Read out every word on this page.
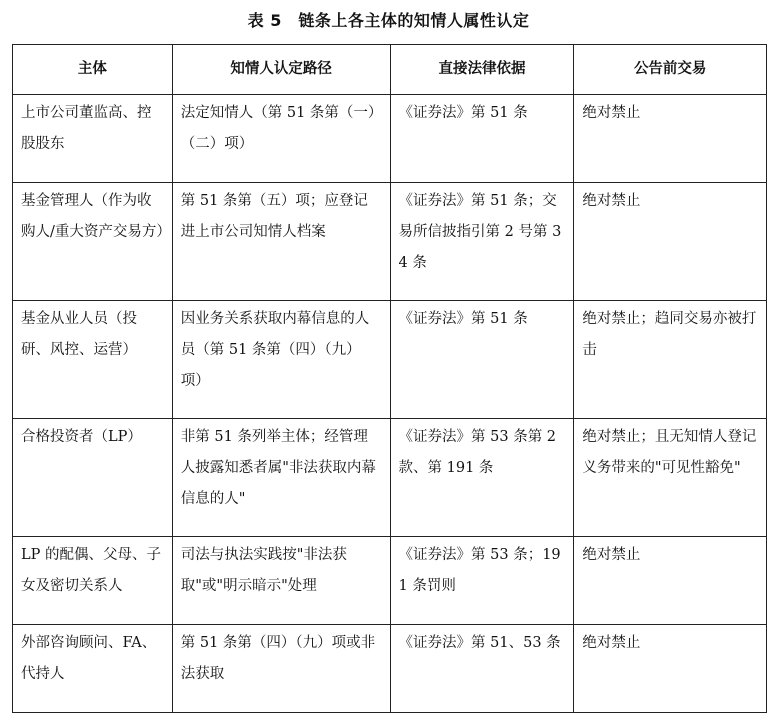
表 5　链条上各主体的知情人属性认定
主体	知情人认定路径	直接法律依据	公告前交易
上市公司董监高、控股股东	法定知情人（第 51 条第（一）（二）项）	《证券法》第 51 条	绝对禁止
基金管理人（作为收购人/重大资产交易方）	第 51 条第（五）项；应登记进上市公司知情人档案	《证券法》第 51 条；交易所信披指引第 2 号第 34 条	绝对禁止
基金从业人员（投研、风控、运营）	因业务关系获取内幕信息的人员（第 51 条第（四）（九）项）	《证券法》第 51 条	绝对禁止；趋同交易亦被打击
合格投资者（LP）	非第 51 条列举主体；经管理人披露知悉者属"非法获取内幕信息的人"	《证券法》第 53 条第 2 款、第 191 条	绝对禁止；且无知情人登记义务带来的"可见性豁免"
LP 的配偶、父母、子女及密切关系人	司法与执法实践按"非法获取"或"明示暗示"处理	《证券法》第 53 条；191 条罚则	绝对禁止
外部咨询顾问、FA、代持人	第 51 条第（四）（九）项或非法获取	《证券法》第 51、53 条	绝对禁止
